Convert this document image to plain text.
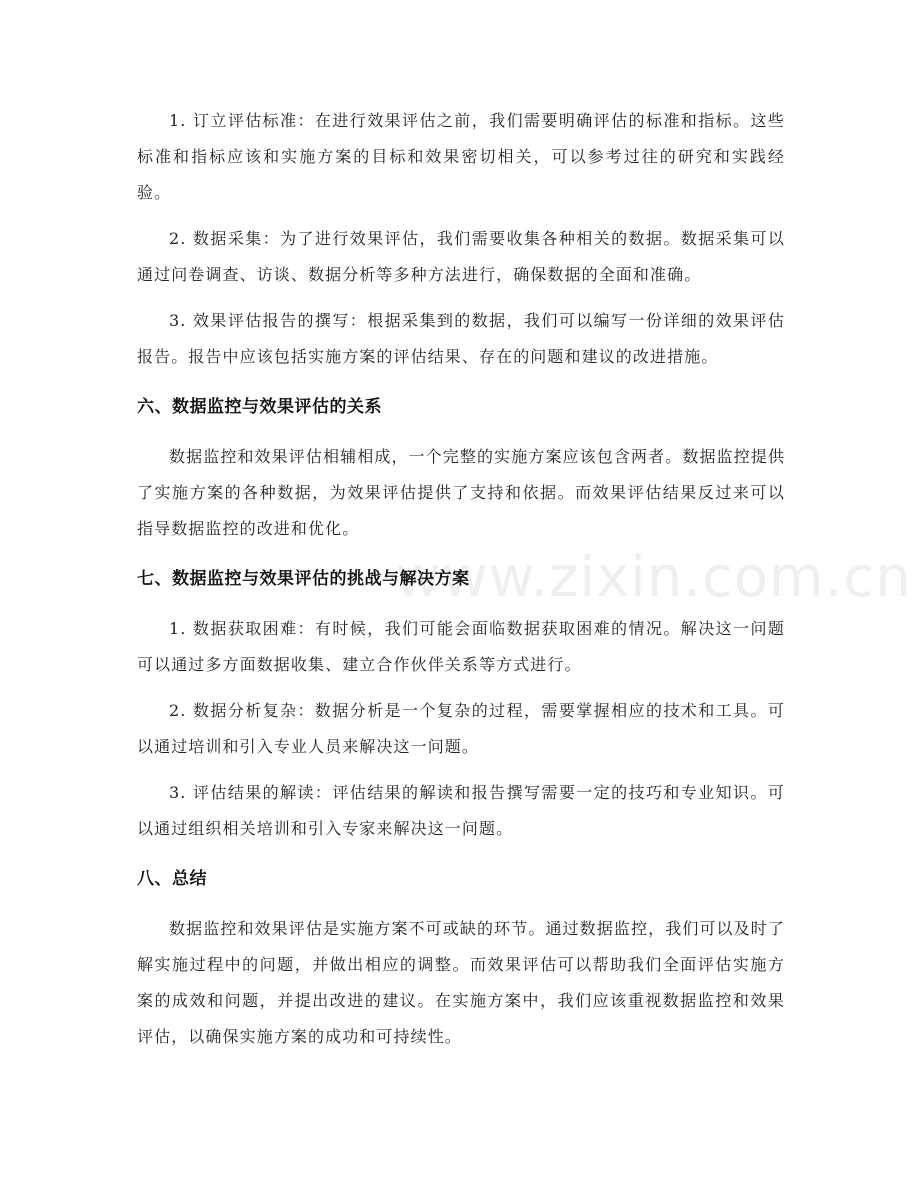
www.zixin.com.cn

1. 订立评估标准：在进行效果评估之前，我们需要明确评估的标准和指标。这些标准和指标应该和实施方案的目标和效果密切相关，可以参考过往的研究和实践经验。

2. 数据采集：为了进行效果评估，我们需要收集各种相关的数据。数据采集可以通过问卷调查、访谈、数据分析等多种方法进行，确保数据的全面和准确。

3. 效果评估报告的撰写：根据采集到的数据，我们可以编写一份详细的效果评估报告。报告中应该包括实施方案的评估结果、存在的问题和建议的改进措施。

六、数据监控与效果评估的关系

数据监控和效果评估相辅相成，一个完整的实施方案应该包含两者。数据监控提供了实施方案的各种数据，为效果评估提供了支持和依据。而效果评估结果反过来可以指导数据监控的改进和优化。

七、数据监控与效果评估的挑战与解决方案

1. 数据获取困难：有时候，我们可能会面临数据获取困难的情况。解决这一问题可以通过多方面数据收集、建立合作伙伴关系等方式进行。

2. 数据分析复杂：数据分析是一个复杂的过程，需要掌握相应的技术和工具。可以通过培训和引入专业人员来解决这一问题。

3. 评估结果的解读：评估结果的解读和报告撰写需要一定的技巧和专业知识。可以通过组织相关培训和引入专家来解决这一问题。

八、总结

数据监控和效果评估是实施方案不可或缺的环节。通过数据监控，我们可以及时了解实施过程中的问题，并做出相应的调整。而效果评估可以帮助我们全面评估实施方案的成效和问题，并提出改进的建议。在实施方案中，我们应该重视数据监控和效果评估，以确保实施方案的成功和可持续性。
